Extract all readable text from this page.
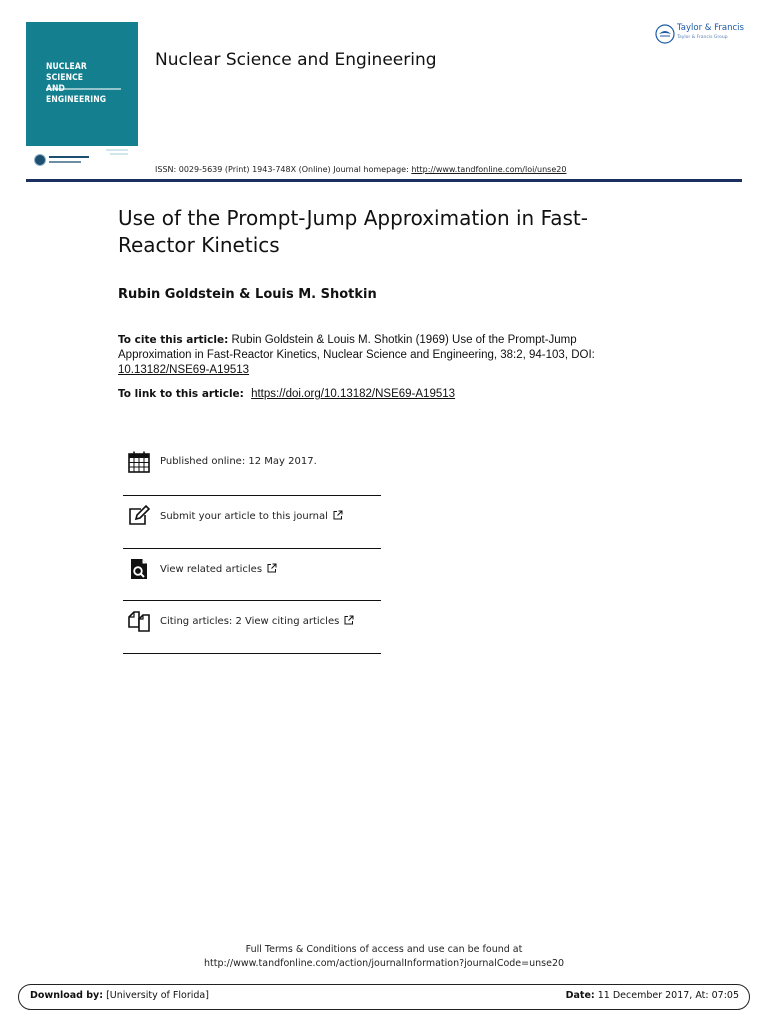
NUCLEAR SCIENCE
ENGINEERING
Nuclear Science and Engineering
ISSN: 0029-5639 (Print) 1943-748X (Online) Journal homepage: http://www.tandfonline.com/loi/unse20
Taylor & Francis
Taylor & Francis Group
Use of the Prompt-Jump Approximation in Fast-
Reactor Kinetics
Rubin Goldstein & Louis M. Shotkin
To cite this article: Rubin Goldstein & Louis M. Shotkin (1969) Use of the Prompt-Jump Approximation in Fast-Reactor Kinetics, Nuclear Science and Engineering, 38:2, 94-103, DOI:
10.13182/NSE69-A19513
To link to this article: https://doi.org/10.13182/NSE69-A19513
Published online: 12 May 2017.
Submit your article to this journal
View related articles
Citing articles: 2 View citing articles
Full Terms & Conditions of access and use can be found at
http://www.tandfonline.com/action/journalInformation?journalCode=unse20
Download by: [University of Florida]	Date: 11 December 2017, At: 07:05
